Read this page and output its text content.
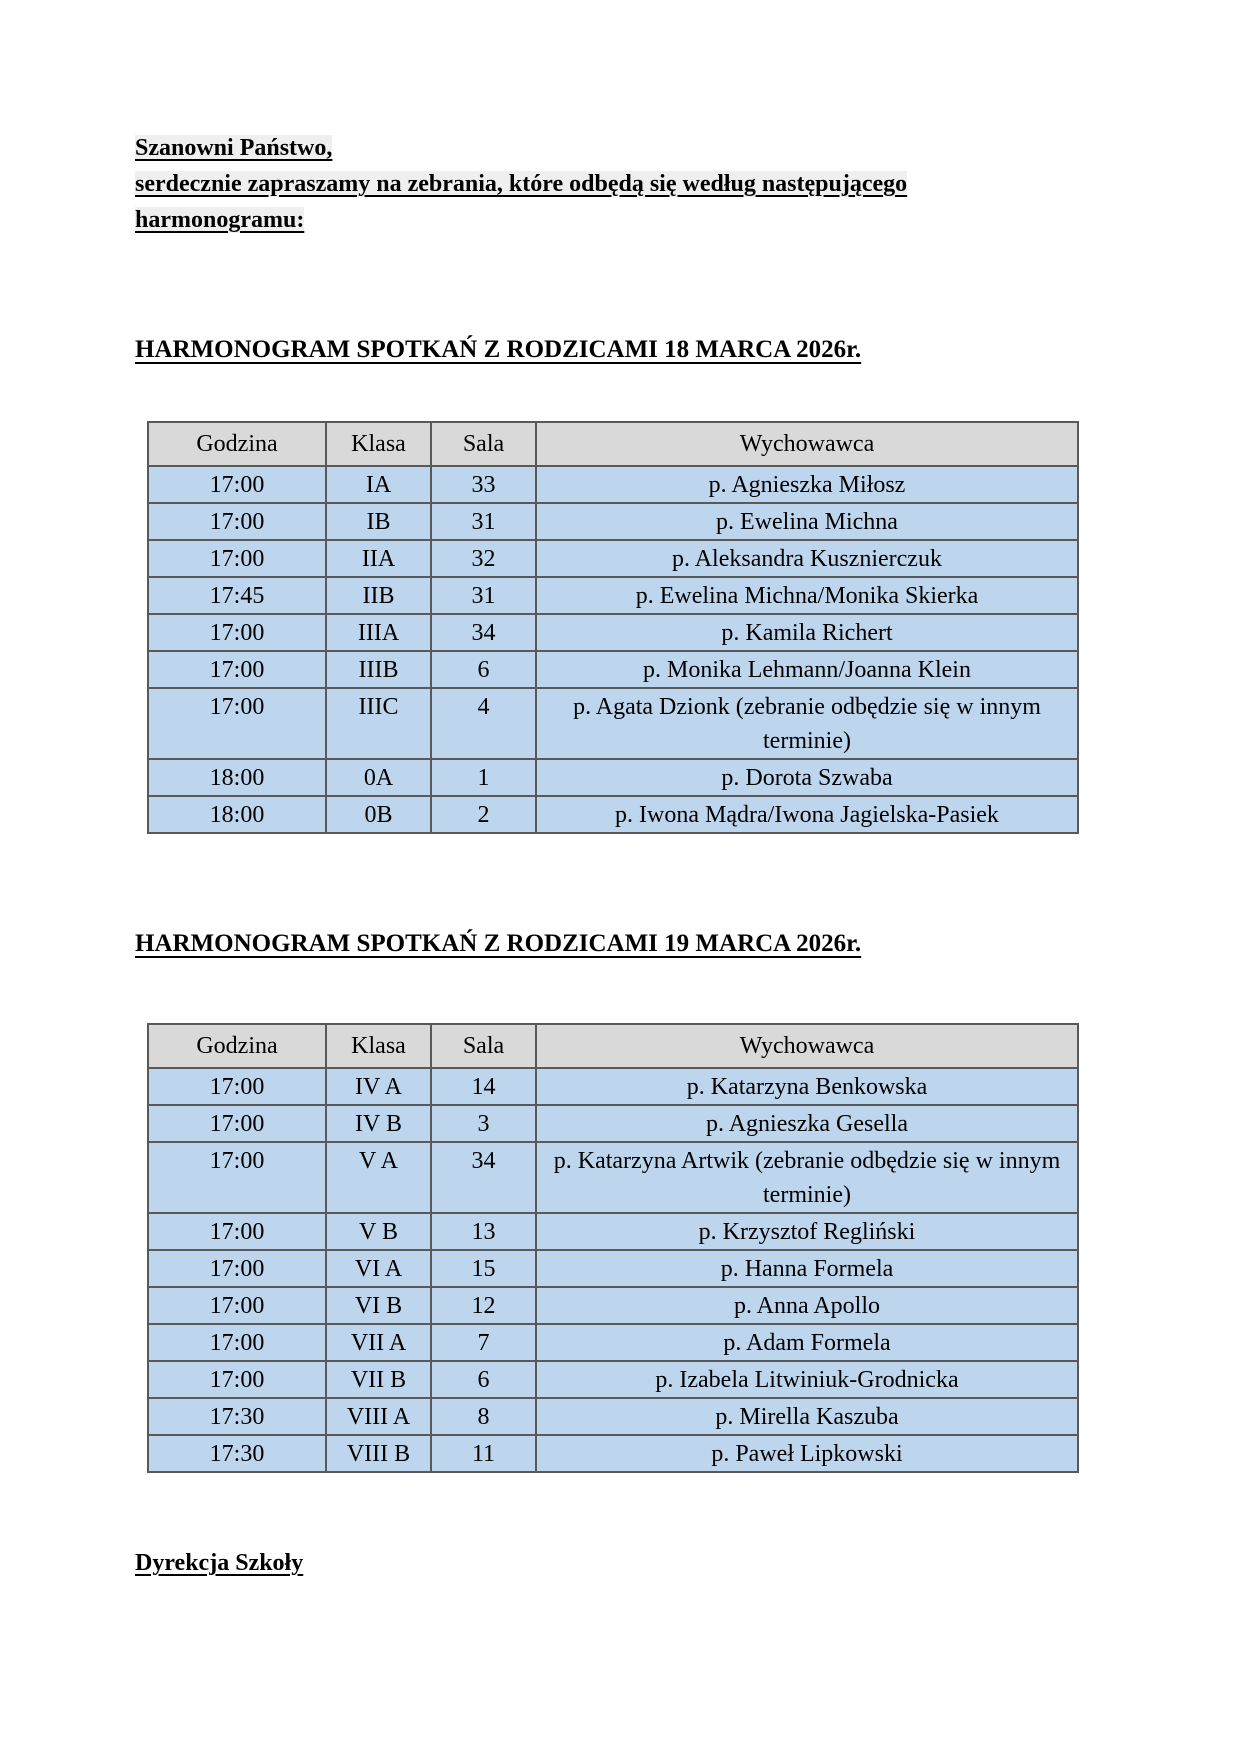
Szanowni Państwo,

serdecznie zapraszamy na zebrania, które odbędą się według następującego

harmonogramu:

HARMONOGRAM SPOTKAŃ Z RODZICAMI 18 MARCA 2026r.
Godzina	Klasa	Sala	Wychowawca
17:00	IA	33	p. Agnieszka Miłosz
17:00	IB	31	p. Ewelina Michna
17:00	IIA	32	p. Aleksandra Kusznierczuk
17:45	IIB	31	p. Ewelina Michna/Monika Skierka
17:00	IIIA	34	p. Kamila Richert
17:00	IIIB	6	p. Monika Lehmann/Joanna Klein
17:00	IIIC	4	p. Agata Dzionk (zebranie odbędzie się w innym terminie)
18:00	0A	1	p. Dorota Szwaba
18:00	0B	2	p. Iwona Mądra/Iwona Jagielska-Pasiek
HARMONOGRAM SPOTKAŃ Z RODZICAMI 19 MARCA 2026r.
Godzina	Klasa	Sala	Wychowawca
17:00	IV A	14	p. Katarzyna Benkowska
17:00	IV B	3	p. Agnieszka Gesella
17:00	V A	34	p. Katarzyna Artwik (zebranie odbędzie się w innym terminie)
17:00	V B	13	p. Krzysztof Regliński
17:00	VI A	15	p. Hanna Formela
17:00	VI B	12	p. Anna Apollo
17:00	VII A	7	p. Adam Formela
17:00	VII B	6	p. Izabela Litwiniuk-Grodnicka
17:30	VIII A	8	p. Mirella Kaszuba
17:30	VIII B	11	p. Paweł Lipkowski

Dyrekcja Szkoły
